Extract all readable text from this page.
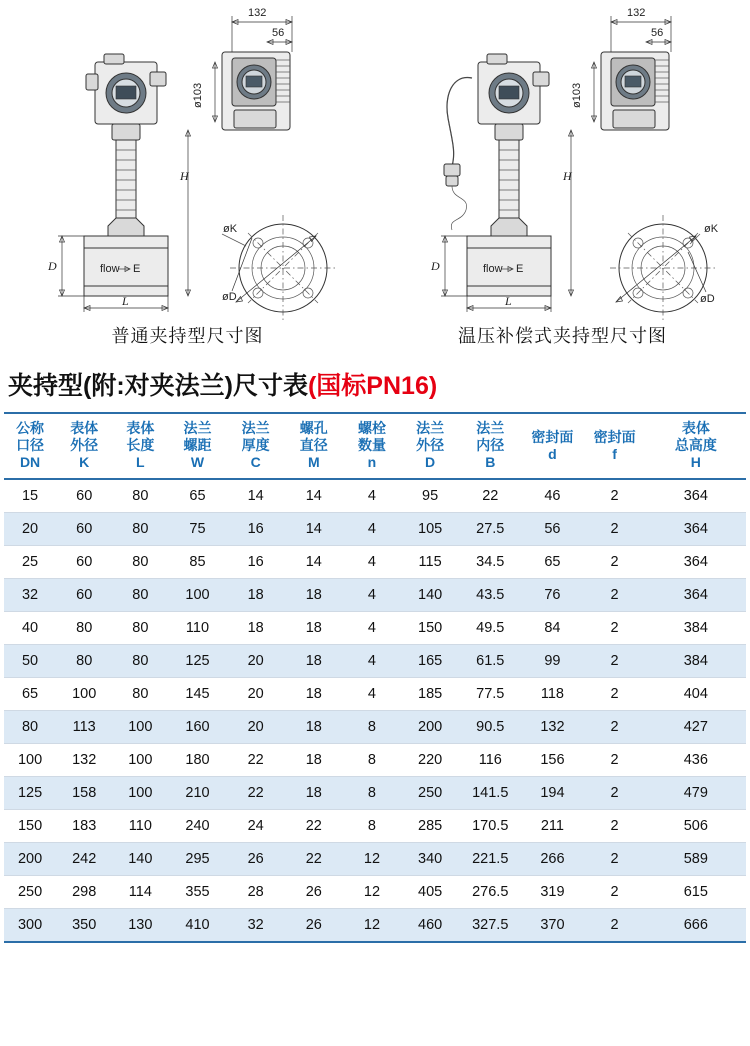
132
56
ø103
flow E
D
L
H
øK
øD
132
56
ø103
flow E
D
L
H
øK
øD
普通夹持型尺寸图	温压补偿式夹持型尺寸图
夹持型(附:对夹法兰)尺寸表(国标PN16)
公称
口径
DN	表体
外径
K	表体
长度
L	法兰
螺距
W	法兰
厚度
C	螺孔
直径
M	螺栓
数量
n	法兰
外径
D	法兰
内径
B	密封面
d	密封面
f	表体
总高度
H

15	60	80	65	14	14	4	95	22	46	2	364
20	60	80	75	16	14	4	105	27.5	56	2	364
25	60	80	85	16	14	4	115	34.5	65	2	364
32	60	80	100	18	18	4	140	43.5	76	2	364
40	80	80	110	18	18	4	150	49.5	84	2	384
50	80	80	125	20	18	4	165	61.5	99	2	384
65	100	80	145	20	18	4	185	77.5	118	2	404
80	113	100	160	20	18	8	200	90.5	132	2	427
100	132	100	180	22	18	8	220	116	156	2	436
125	158	100	210	22	18	8	250	141.5	194	2	479
150	183	110	240	24	22	8	285	170.5	211	2	506
200	242	140	295	26	22	12	340	221.5	266	2	589
250	298	114	355	28	26	12	405	276.5	319	2	615
300	350	130	410	32	26	12	460	327.5	370	2	666
